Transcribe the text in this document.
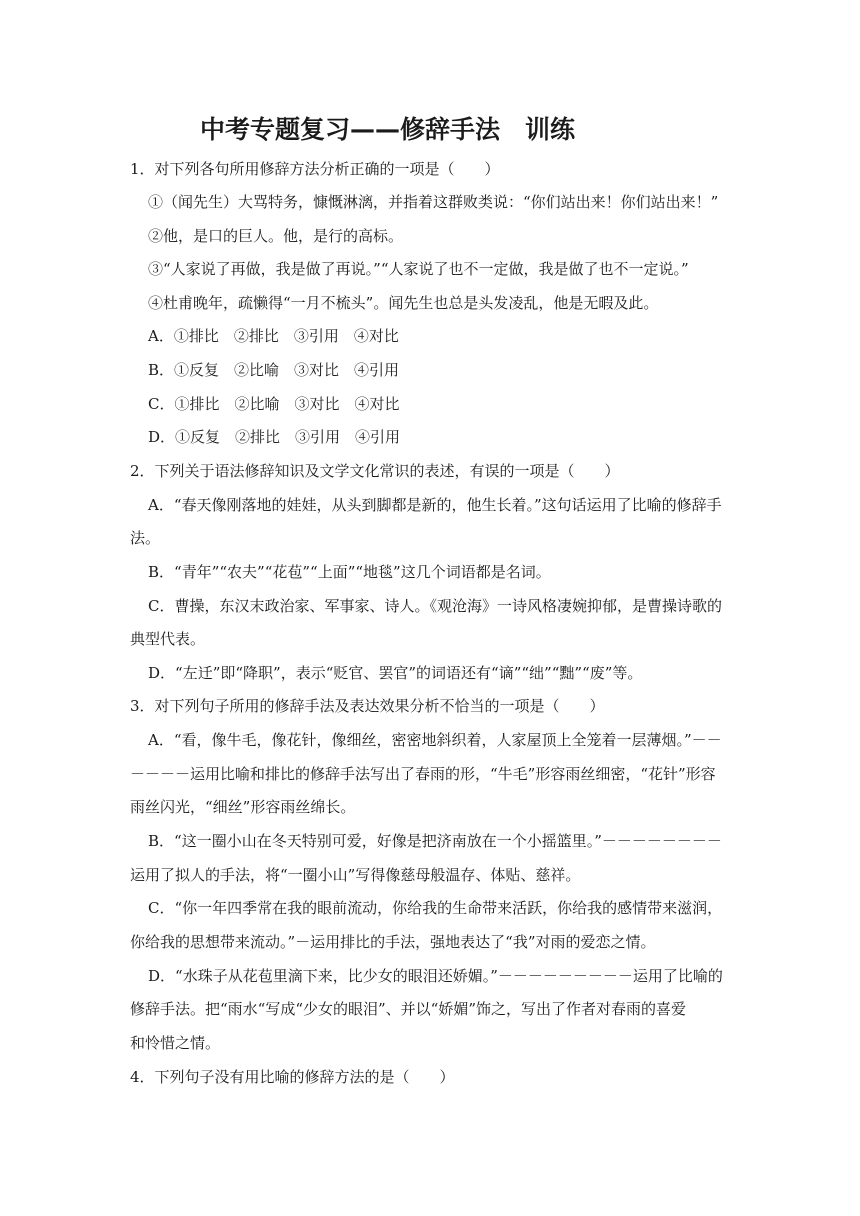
中考专题复习——修辞手法　训练

1．对下列各句所用修辞方法分析正确的一项是（　　）

①（闻先生）大骂特务，慷慨淋漓，并指着这群败类说：“你们站出来！你们站出来！”

②他，是口的巨人。他，是行的高标。

③“人家说了再做，我是做了再说。”“人家说了也不一定做，我是做了也不一定说。”

④杜甫晚年，疏懒得“一月不梳头”。闻先生也总是头发凌乱，他是无暇及此。

A．①排比　②排比　③引用　④对比

B．①反复　②比喻　③对比　④引用

C．①排比　②比喻　③对比　④对比

D．①反复　②排比　③引用　④引用

2．下列关于语法修辞知识及文学文化常识的表述，有误的一项是（　　）

A．“春天像刚落地的娃娃，从头到脚都是新的，他生长着。”这句话运用了比喻的修辞手

法。

B．“青年”“农夫”“花苞”“上面”“地毯”这几个词语都是名词。

C．曹操，东汉末政治家、军事家、诗人。《观沧海》一诗风格凄婉抑郁，是曹操诗歌的

典型代表。

D．“左迁”即“降职”，表示“贬官、罢官”的词语还有“谪”“绌”“黜”“废”等。

3．对下列句子所用的修辞手法及表达效果分析不恰当的一项是（　　）

A．“看，像牛毛，像花针，像细丝，密密地斜织着，人家屋顶上全笼着一层薄烟。”－－

－－－－运用比喻和排比的修辞手法写出了春雨的形，“牛毛”形容雨丝细密，“花针”形容

雨丝闪光，“细丝”形容雨丝绵长。

B．“这一圈小山在冬天特别可爱，好像是把济南放在一个小摇篮里。”－－－－－－－－

运用了拟人的手法，将“一圈小山”写得像慈母般温存、体贴、慈祥。

C．“你一年四季常在我的眼前流动，你给我的生命带来活跃，你给我的感情带来滋润，

你给我的思想带来流动。”－运用排比的手法，强地表达了“我”对雨的爱恋之情。

D．“水珠子从花苞里滴下来，比少女的眼泪还娇媚。”－－－－－－－－－运用了比喻的

修辞手法。把“雨水“写成“少女的眼泪”、并以“娇媚”饰之，写出了作者对春雨的喜爱

和怜惜之情。

4．下列句子没有用比喻的修辞方法的是（　　）
